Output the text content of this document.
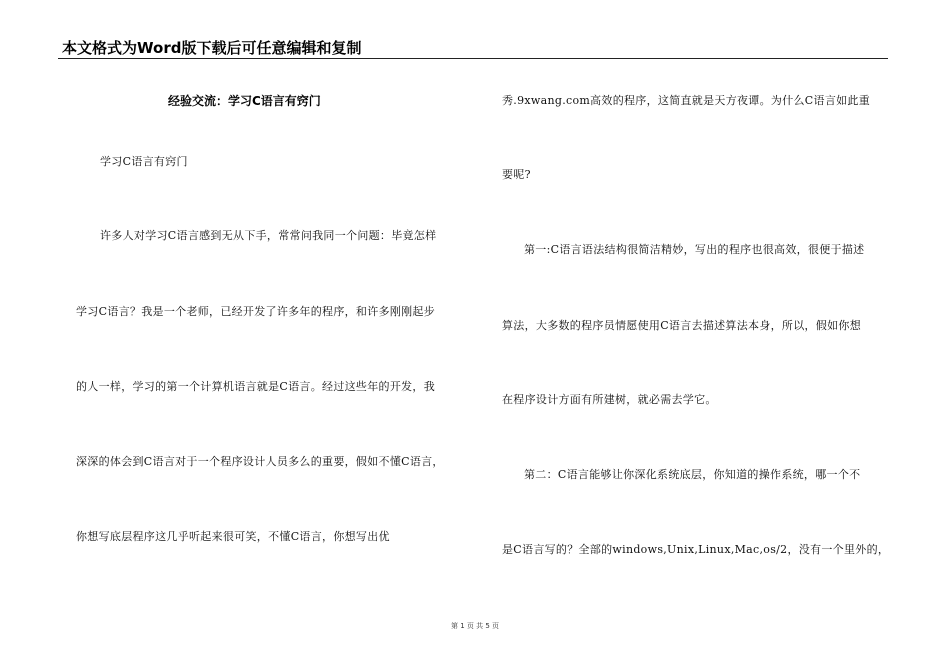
本文格式为Word版下载后可任意编辑和复制
经验交流：学习C语言有窍门
学习C语言有窍门
许多人对学习C语言感到无从下手，常常问我同一个问题：毕竟怎样
学习C语言？我是一个老师，已经开发了许多年的程序，和许多刚刚起步
的人一样，学习的第一个计算机语言就是C语言。经过这些年的开发，我
深深的体会到C语言对于一个程序设计人员多么的重要，假如不懂C语言，
你想写底层程序这几乎听起来很可笑，不懂C语言，你想写出优
秀.9xwang.com高效的程序，这简直就是天方夜谭。为什么C语言如此重
要呢?
第一:C语言语法结构很简洁精妙，写出的程序也很高效，很便于描述
算法，大多数的程序员情愿使用C语言去描述算法本身，所以，假如你想
在程序设计方面有所建树，就必需去学它。
第二：C语言能够让你深化系统底层，你知道的操作系统，哪一个不
是C语言写的？全部的windows,Unix,Linux,Mac,os/2，没有一个里外的，
第 1 页 共 5 页
